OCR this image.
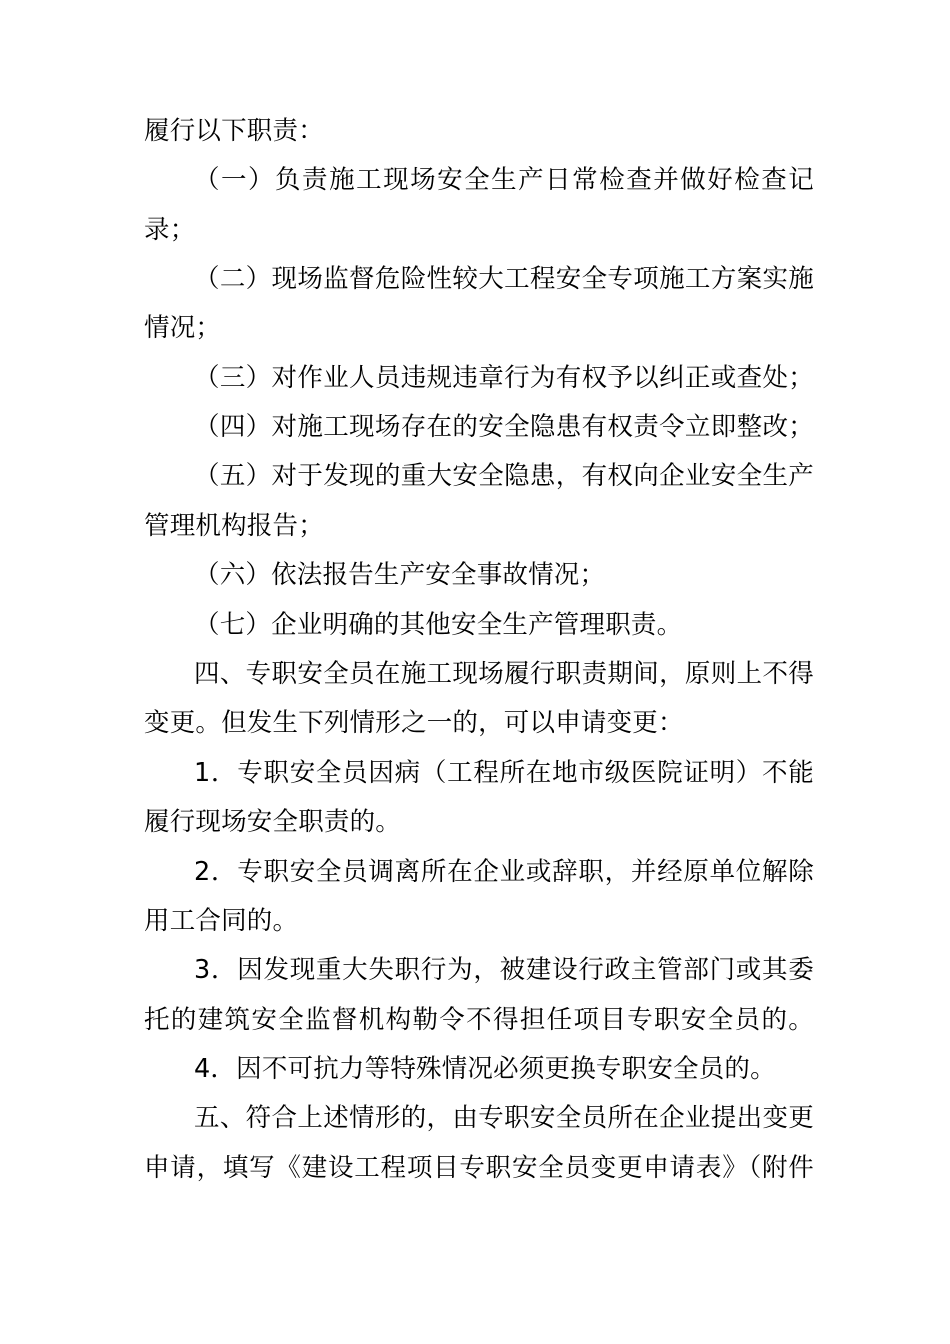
履行以下职责：
（一）负责施工现场安全生产日常检查并做好检查记
录；
（二）现场监督危险性较大工程安全专项施工方案实施
情况；
（三）对作业人员违规违章行为有权予以纠正或查处；
（四）对施工现场存在的安全隐患有权责令立即整改；
（五）对于发现的重大安全隐患，有权向企业安全生产
管理机构报告；
（六）依法报告生产安全事故情况；
（七）企业明确的其他安全生产管理职责。
四、专职安全员在施工现场履行职责期间，原则上不得
变更。但发生下列情形之一的，可以申请变更：
1．专职安全员因病（工程所在地市级医院证明）不能
履行现场安全职责的。
2．专职安全员调离所在企业或辞职，并经原单位解除
用工合同的。
3．因发现重大失职行为，被建设行政主管部门或其委
托的建筑安全监督机构勒令不得担任项目专职安全员的。
4．因不可抗力等特殊情况必须更换专职安全员的。
五、符合上述情形的，由专职安全员所在企业提出变更
申请，填写《建设工程项目专职安全员变更申请表》（附件
